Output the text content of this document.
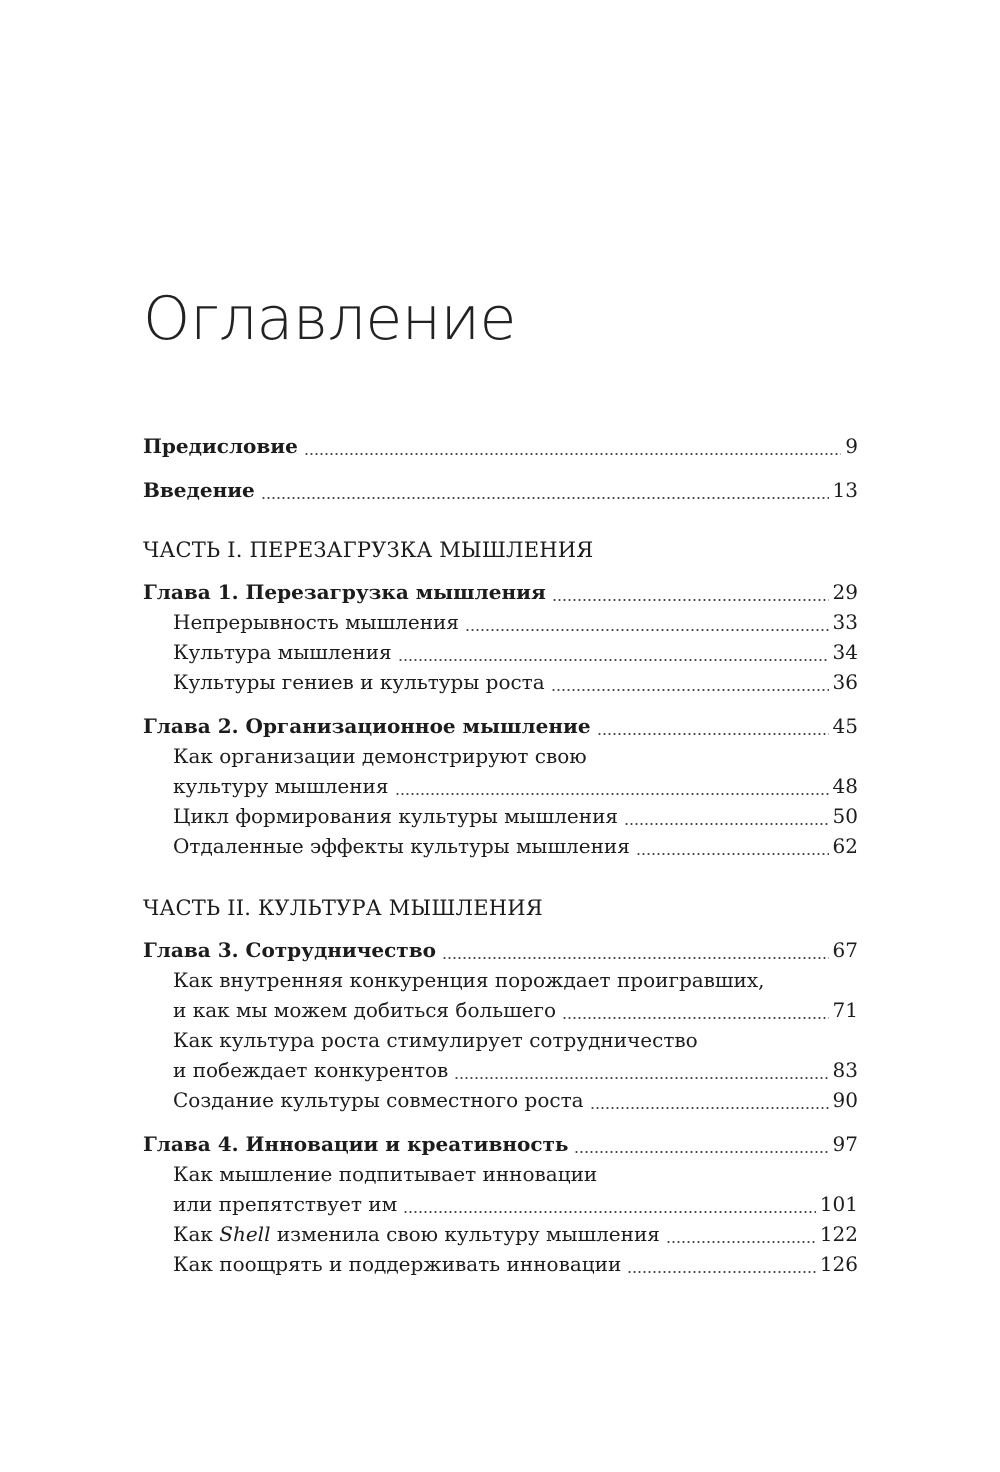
Оглавление
Предисловие	9
Введение	13
ЧАСТЬ I. ПЕРЕЗАГРУЗКА МЫШЛЕНИЯ
Глава 1. Перезагрузка мышления	29
Непрерывность мышления	33
Культура мышления	34
Культуры гениев и культуры роста	36
Глава 2. Организационное мышление	45
Как организации демонстрируют свою
культуру мышления	48
Цикл формирования культуры мышления	50
Отдаленные эффекты культуры мышления	62
ЧАСТЬ II. КУЛЬТУРА МЫШЛЕНИЯ
Глава 3. Сотрудничество	67
Как внутренняя конкуренция порождает проигравших,
и как мы можем добиться большего	71
Как культура роста стимулирует сотрудничество
и побеждает конкурентов	83
Создание культуры совместного роста	90
Глава 4. Инновации и креативность	97
Как мышление подпитывает инновации
или препятствует им	101
Как Shell изменила свою культуру мышления	122
Как поощрять и поддерживать инновации	126
